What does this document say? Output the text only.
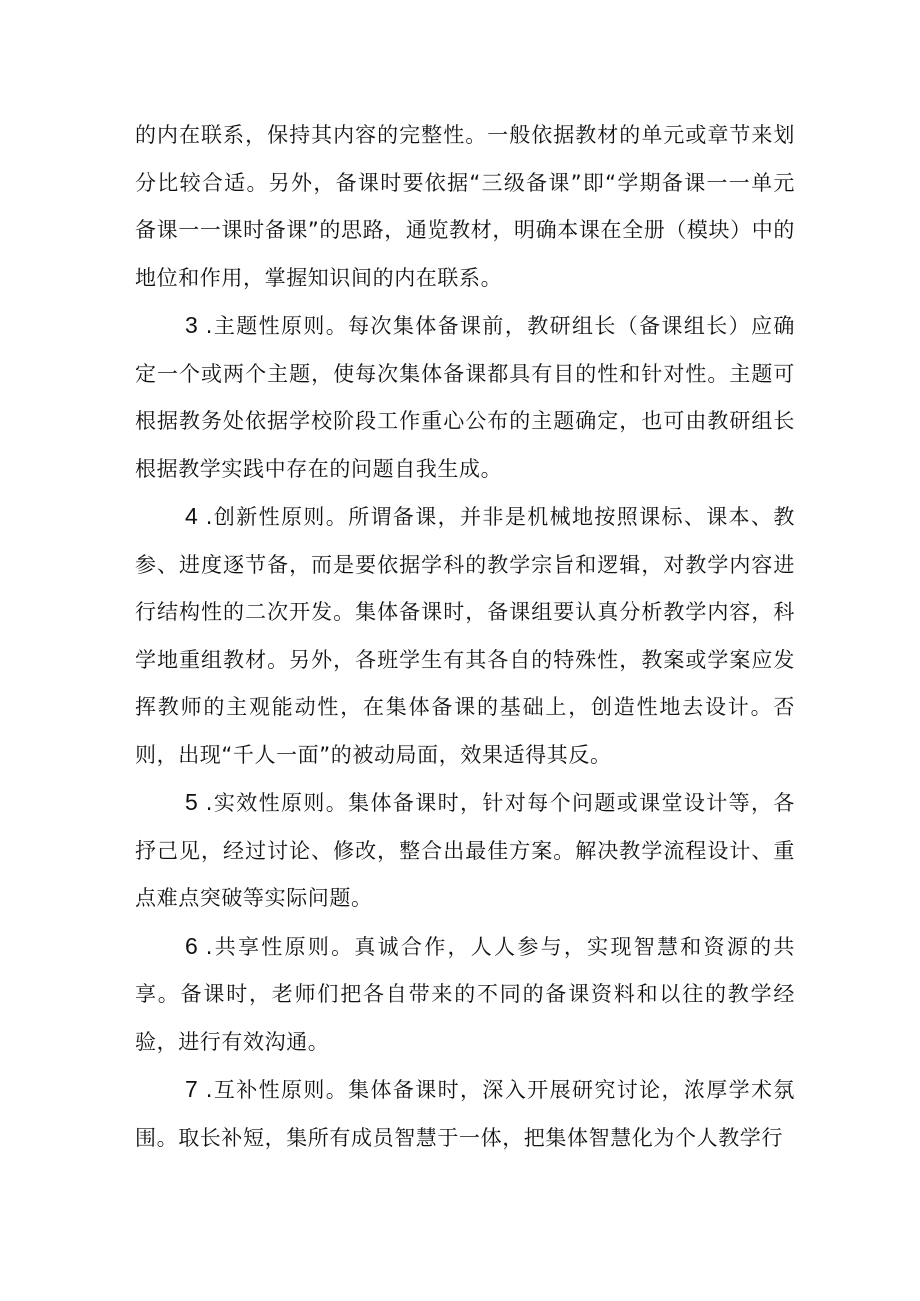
的内在联系，保持其内容的完整性。一般依据教材的单元或章节来划分比较合适。另外，备课时要依据“三级备课”即“学期备课一一单元备课一一课时备课”的思路，通览教材，明确本课在全册（模块）中的地位和作用，掌握知识间的内在联系。

3 .主题性原则。每次集体备课前，教研组长（备课组长）应确定一个或两个主题，使每次集体备课都具有目的性和针对性。主题可根据教务处依据学校阶段工作重心公布的主题确定，也可由教研组长根据教学实践中存在的问题自我生成。

4 .创新性原则。所谓备课，并非是机械地按照课标、课本、教参、进度逐节备，而是要依据学科的教学宗旨和逻辑，对教学内容进行结构性的二次开发。集体备课时，备课组要认真分析教学内容，科学地重组教材。另外，各班学生有其各自的特殊性，教案或学案应发挥教师的主观能动性，在集体备课的基础上，创造性地去设计。否则，出现“千人一面”的被动局面，效果适得其反。

5 .实效性原则。集体备课时，针对每个问题或课堂设计等，各抒己见，经过讨论、修改，整合出最佳方案。解决教学流程设计、重点难点突破等实际问题。

6 .共享性原则。真诚合作，人人参与，实现智慧和资源的共享。备课时，老师们把各自带来的不同的备课资料和以往的教学经验，进行有效沟通。

7 .互补性原则。集体备课时，深入开展研究讨论，浓厚学术氛围。取长补短，集所有成员智慧于一体，把集体智慧化为个人教学行
